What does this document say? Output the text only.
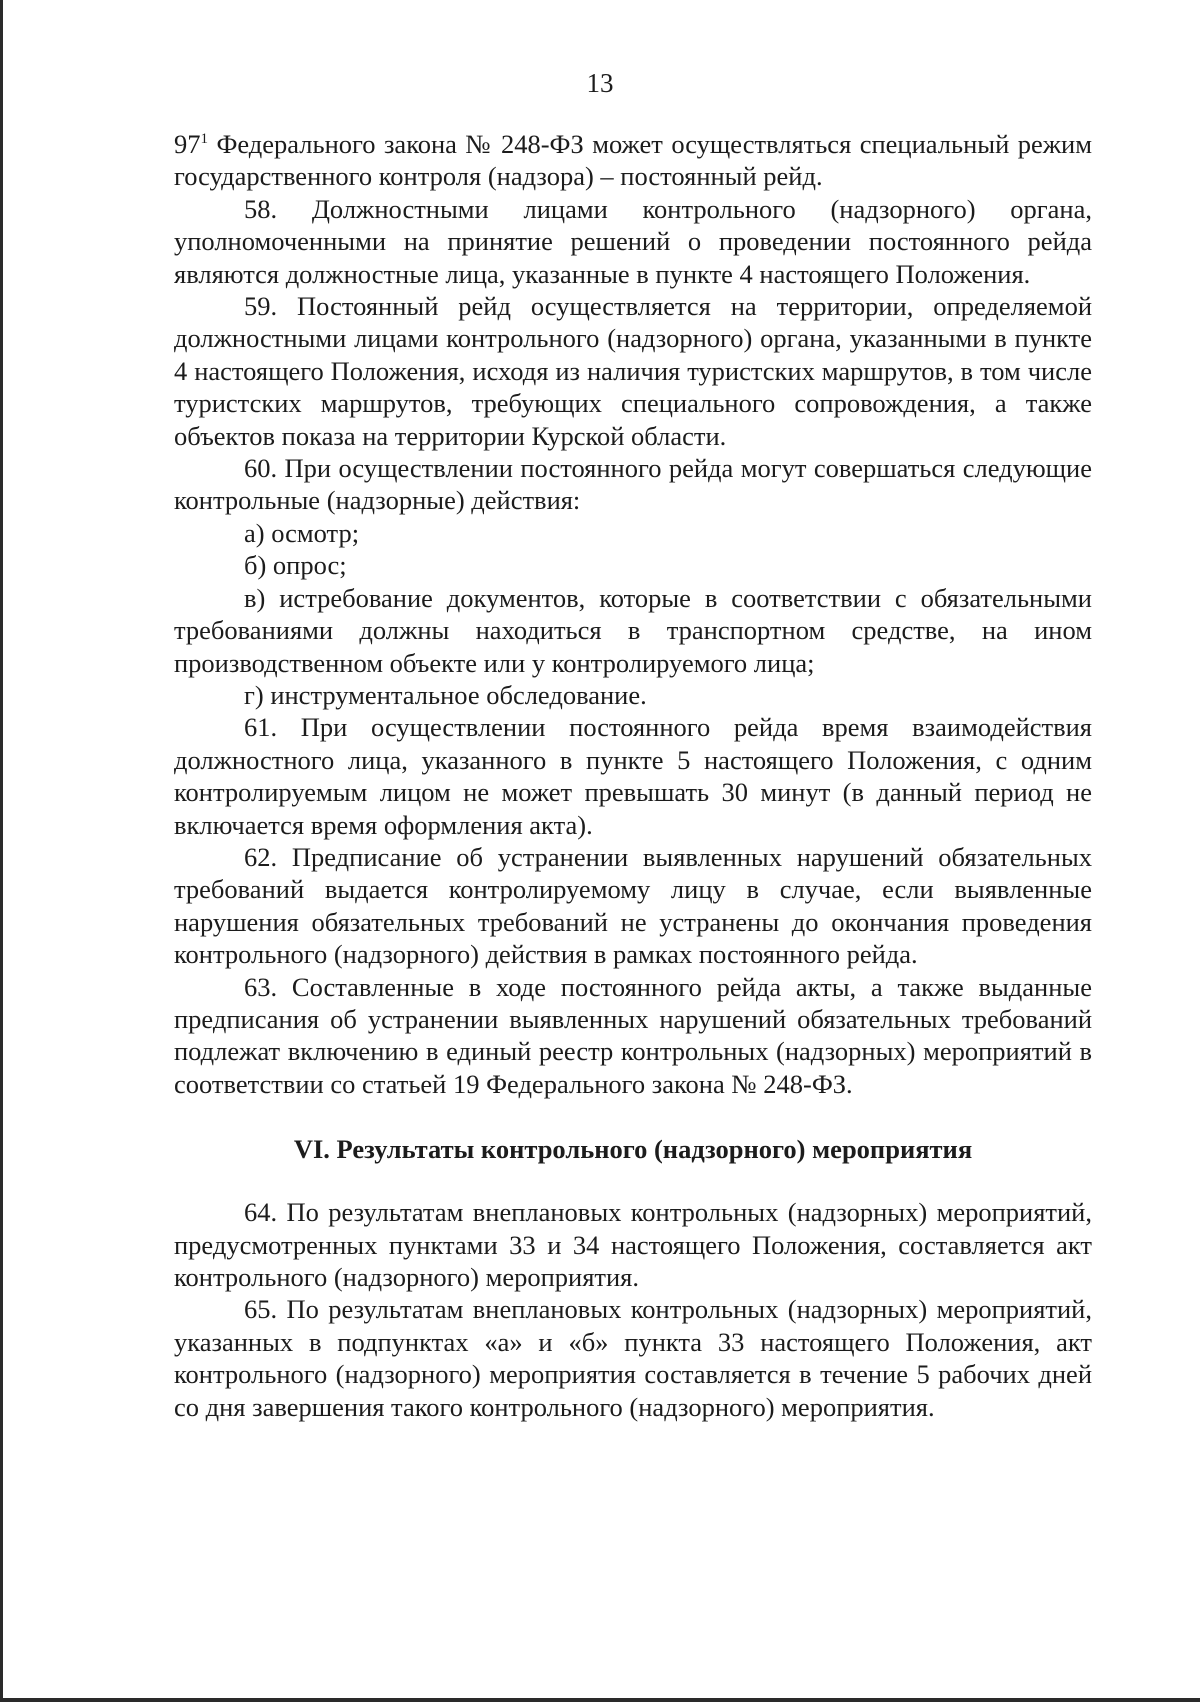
13

$97^1$ Федерального закона № 248-ФЗ может осуществляться специальный режим государственного контроля (надзора) – постоянный рейд.

58. Должностными лицами контрольного (надзорного) органа, уполномоченными на принятие решений о проведении постоянного рейда являются должностные лица, указанные в пункте 4 настоящего Положения.

59. Постоянный рейд осуществляется на территории, определяемой должностными лицами контрольного (надзорного) органа, указанными в пункте 4 настоящего Положения, исходя из наличия туристских маршрутов, в том числе туристских маршрутов, требующих специального сопровождения, а также объектов показа на территории Курской области.

60. При осуществлении постоянного рейда могут совершаться следующие контрольные (надзорные) действия:

а) осмотр;

б) опрос;

в) истребование документов, которые в соответствии с обязательными требованиями должны находиться в транспортном средстве, на ином производственном объекте или у контролируемого лица;

г) инструментальное обследование.

61. При осуществлении постоянного рейда время взаимодействия должностного лица, указанного в пункте 5 настоящего Положения, с одним контролируемым лицом не может превышать 30 минут (в данный период не включается время оформления акта).

62. Предписание об устранении выявленных нарушений обязательных требований выдается контролируемому лицу в случае, если выявленные нарушения обязательных требований не устранены до окончания проведения контрольного (надзорного) действия в рамках постоянного рейда.

63. Составленные в ходе постоянного рейда акты, а также выданные предписания об устранении выявленных нарушений обязательных требований подлежат включению в единый реестр контрольных (надзорных) мероприятий в соответствии со статьей 19 Федерального закона № 248-ФЗ.

VI. Результаты контрольного (надзорного) мероприятия

64. По результатам внеплановых контрольных (надзорных) мероприятий, предусмотренных пунктами 33 и 34 настоящего Положения, составляется акт контрольного (надзорного) мероприятия.

65. По результатам внеплановых контрольных (надзорных) мероприятий, указанных в подпунктах «а» и «б» пункта 33 настоящего Положения, акт контрольного (надзорного) мероприятия составляется в течение 5 рабочих дней со дня завершения такого контрольного (надзорного) мероприятия.
